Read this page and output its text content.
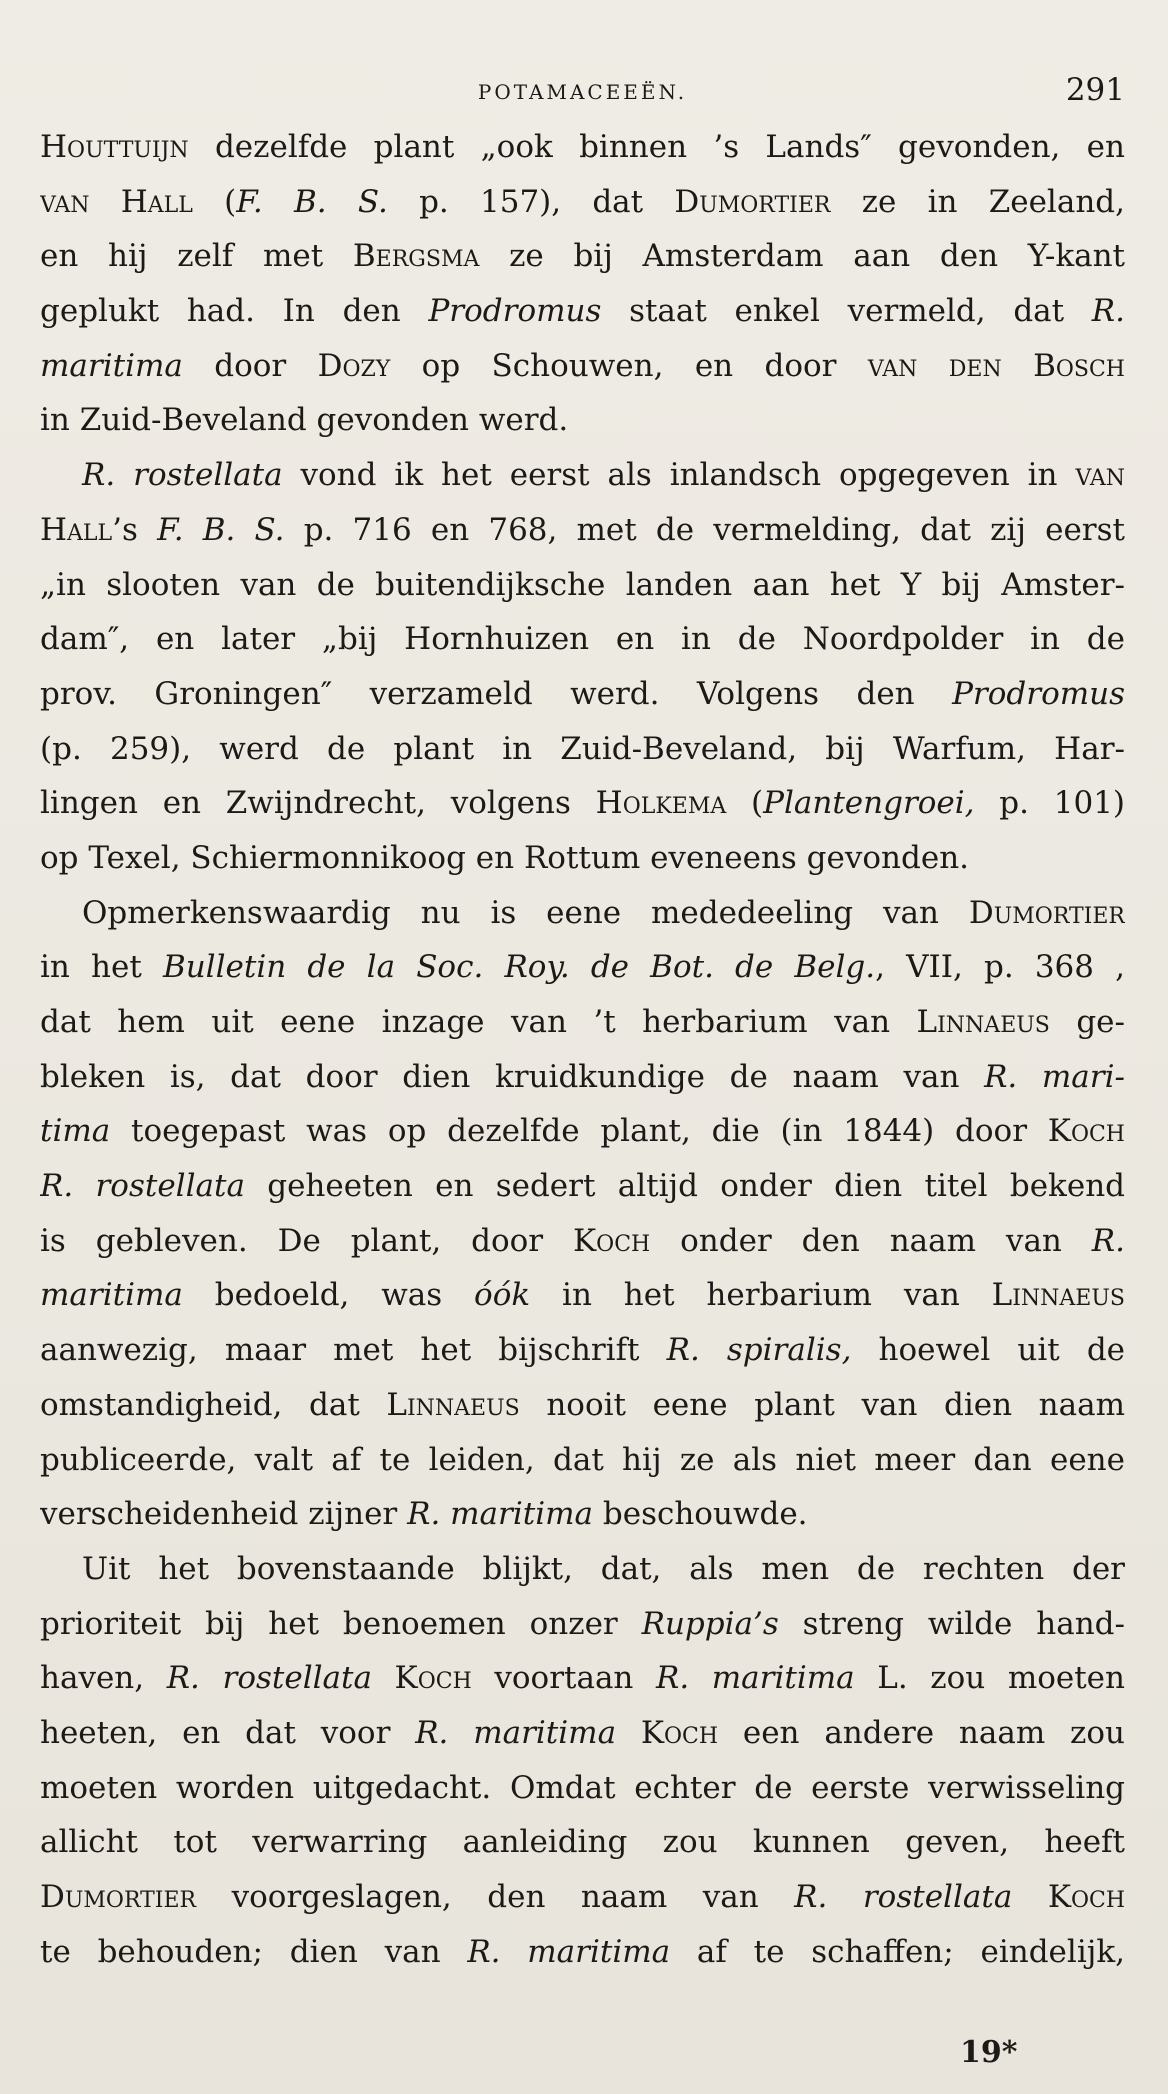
POTAMACEEËN.	291
Houttuijn dezelfde plant „ook binnen ’s Lands″ gevonden, en
van Hall (F. B. S. p. 157), dat Dumortier ze in Zeeland,
en hij zelf met Bergsma ze bij Amsterdam aan den Y-kant
geplukt had. In den Prodromus staat enkel vermeld, dat R.
maritima door Dozy op Schouwen, en door van den Bosch
in Zuid-Beveland gevonden werd.
R. rostellata vond ik het eerst als inlandsch opgegeven in van
Hall’s F. B. S. p. 716 en 768, met de vermelding, dat zij eerst
„in slooten van de buitendijksche landen aan het Y bij Amster-
dam″, en later „bij Hornhuizen en in de Noordpolder in de
prov. Groningen″ verzameld werd. Volgens den Prodromus
(p. 259), werd de plant in Zuid-Beveland, bij Warfum, Har-
lingen en Zwijndrecht, volgens Holkema (Plantengroei, p. 101)
op Texel, Schiermonnikoog en Rottum eveneens gevonden.
Opmerkenswaardig nu is eene mededeeling van Dumortier
in het Bulletin de la Soc. Roy. de Bot. de Belg., VII, p. 368 ,
dat hem uit eene inzage van ’t herbarium van Linnaeus ge-
bleken is, dat door dien kruidkundige de naam van R. mari-
tima toegepast was op dezelfde plant, die (in 1844) door Koch
R. rostellata geheeten en sedert altijd onder dien titel bekend
is gebleven. De plant, door Koch onder den naam van R.
maritima bedoeld, was óók in het herbarium van Linnaeus
aanwezig, maar met het bijschrift R. spiralis, hoewel uit de
omstandigheid, dat Linnaeus nooit eene plant van dien naam
publiceerde, valt af te leiden, dat hij ze als niet meer dan eene
verscheidenheid zijner R. maritima beschouwde.
Uit het bovenstaande blijkt, dat, als men de rechten der
prioriteit bij het benoemen onzer Ruppia’s streng wilde hand-
haven, R. rostellata Koch voortaan R. maritima L. zou moeten
heeten, en dat voor R. maritima Koch een andere naam zou
moeten worden uitgedacht. Omdat echter de eerste verwisseling
allicht tot verwarring aanleiding zou kunnen geven, heeft
Dumortier voorgeslagen, den naam van R. rostellata Koch
te behouden; dien van R. maritima af te schaffen; eindelijk,
19*
